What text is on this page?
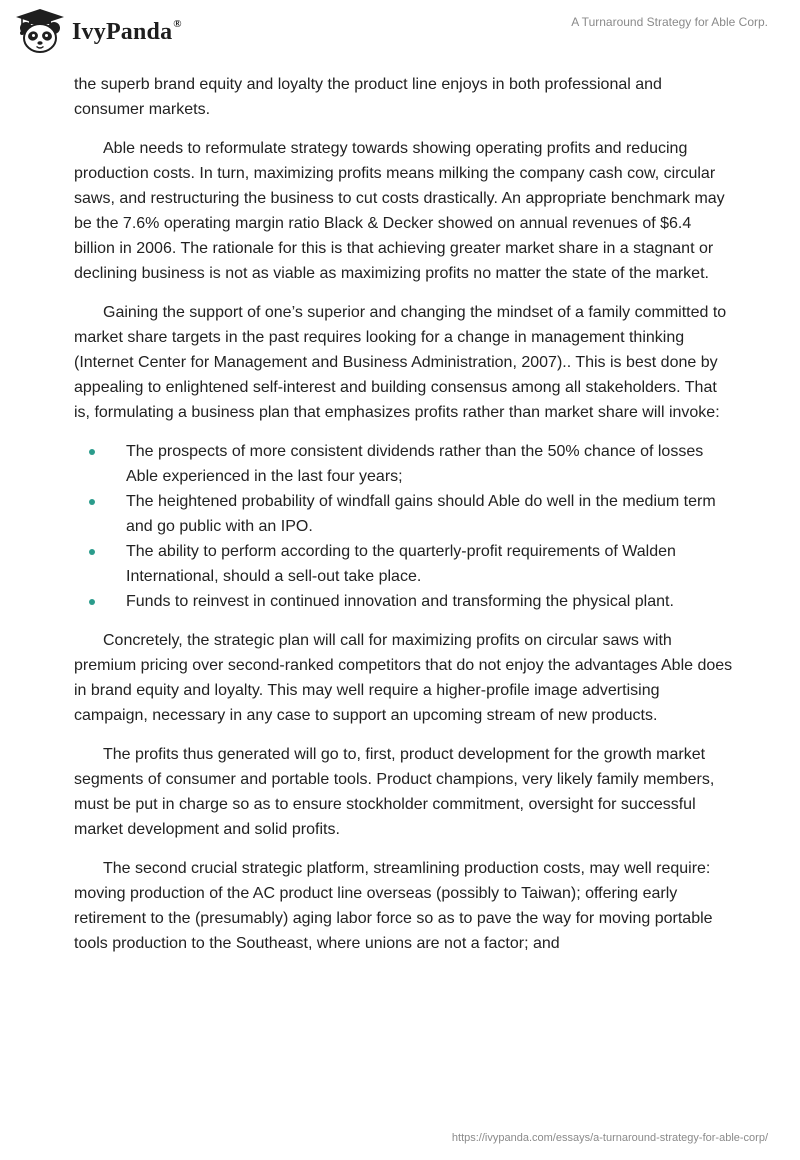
IvyPanda®	A Turnaround Strategy for Able Corp.

the superb brand equity and loyalty the product line enjoys in both professional and consumer markets.

Able needs to reformulate strategy towards showing operating profits and reducing production costs. In turn, maximizing profits means milking the company cash cow, circular saws, and restructuring the business to cut costs drastically. An appropriate benchmark may be the 7.6% operating margin ratio Black & Decker showed on annual revenues of $6.4 billion in 2006. The rationale for this is that achieving greater market share in a stagnant or declining business is not as viable as maximizing profits no matter the state of the market.

Gaining the support of one’s superior and changing the mindset of a family committed to market share targets in the past requires looking for a change in management thinking (Internet Center for Management and Business Administration, 2007).. This is best done by appealing to enlightened self-interest and building consensus among all stakeholders. That is, formulating a business plan that emphasizes profits rather than market share will invoke:

The prospects of more consistent dividends rather than the 50% chance of losses Able experienced in the last four years;
The heightened probability of windfall gains should Able do well in the medium term and go public with an IPO.
The ability to perform according to the quarterly-profit requirements of Walden International, should a sell-out take place.
Funds to reinvest in continued innovation and transforming the physical plant.

Concretely, the strategic plan will call for maximizing profits on circular saws with premium pricing over second-ranked competitors that do not enjoy the advantages Able does in brand equity and loyalty. This may well require a higher-profile image advertising campaign, necessary in any case to support an upcoming stream of new products.

The profits thus generated will go to, first, product development for the growth market segments of consumer and portable tools. Product champions, very likely family members, must be put in charge so as to ensure stockholder commitment, oversight for successful market development and solid profits.

The second crucial strategic platform, streamlining production costs, may well require: moving production of the AC product line overseas (possibly to Taiwan); offering early retirement to the (presumably) aging labor force so as to pave the way for moving portable tools production to the Southeast, where unions are not a factor; and

https://ivypanda.com/essays/a-turnaround-strategy-for-able-corp/
